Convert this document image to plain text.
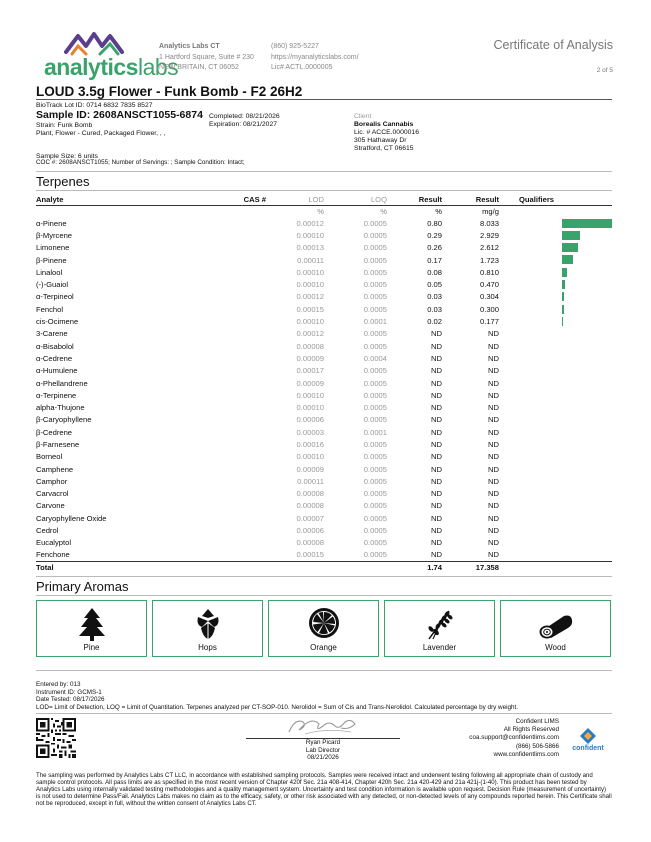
analyticslabs
Analytics Labs CT
1 Hartford Square, Suite # 230
NEW BRITAIN, CT 06052
(860) 925-5227
https://myanalyticslabs.com/
Lic# ACTL.0000005
Certificate of Analysis
2 of 5
LOUD 3.5g Flower - Funk Bomb - F2 26H2
BioTrack Lot ID: 0714 6832 7835 8527
Sample ID: 2608ANSCT1055-6874
Strain: Funk Bomb
Plant, Flower - Cured, Packaged Flower, , ,
Completed: 08/21/2026
Expiration: 08/21/2027
Client
Borealis Cannabis
Lic. # ACCE.0000016
305 Hathaway Dr
Stratford, CT 06615
Sample Size: 6 units
COC #: 2608ANSCT1055; Number of Servings: ; Sample Condition: Intact;
Terpenes
Analyte	CAS #	LOD	LOQ	Result	Result	Qualifiers
		%	%	%	mg/g	
α-Pinene		0.00012	0.0005	0.80	8.033	

β-Myrcene		0.00010	0.0005	0.29	2.929	

Limonene		0.00013	0.0005	0.26	2.612	

β-Pinene		0.00011	0.0005	0.17	1.723	

Linalool		0.00010	0.0005	0.08	0.810	

(-)-Guaiol		0.00010	0.0005	0.05	0.470	

α-Terpineol		0.00012	0.0005	0.03	0.304	

Fenchol		0.00015	0.0005	0.03	0.300	

cis-Ocimene		0.00010	0.0001	0.02	0.177	

3-Carene		0.00012	0.0005	ND	ND	
α-Bisabolol		0.00008	0.0005	ND	ND	
α-Cedrene		0.00009	0.0004	ND	ND	
α-Humulene		0.00017	0.0005	ND	ND	
α-Phellandrene		0.00009	0.0005	ND	ND	
α-Terpinene		0.00010	0.0005	ND	ND	
alpha-Thujone		0.00010	0.0005	ND	ND	
β-Caryophyllene		0.00006	0.0005	ND	ND	
β-Cedrene		0.00003	0.0001	ND	ND	
β-Farnesene		0.00016	0.0005	ND	ND	
Borneol		0.00010	0.0005	ND	ND	
Camphene		0.00009	0.0005	ND	ND	
Camphor		0.00011	0.0005	ND	ND	
Carvacrol		0.00008	0.0005	ND	ND	
Carvone		0.00008	0.0005	ND	ND	
Caryophyllene Oxide		0.00007	0.0005	ND	ND	
Cedrol		0.00006	0.0005	ND	ND	
Eucalyptol		0.00008	0.0005	ND	ND	
Fenchone		0.00015	0.0005	ND	ND	
Total				1.74	17.358	
Primary Aromas
Pine	Hops	Orange	Lavender	Wood
Entered by: 013
Instrument ID: GCMS-1
Date Tested: 08/17/2026
LOD= Limit of Detection, LOQ = Limit of Quantitation. Terpenes analyzed per CT-SOP-010. Nerolidol = Sum of Cis and Trans-Nerolidol. Calculated percentage by dry weight.
Ryan Picard
Lab Director
08/21/2026
Confident LIMS
All Rights Reserved
coa.support@confidentlims.com
(866) 506-5866
www.confidentlims.com
confident
The sampling was performed by Analytics Labs CT LLC, in accordance with established sampling protocols. Samples were received intact and underwent testing following all appropriate chain of custody and sample control protocols. All pass limits are as specified in the most recent version of Chapter 420f Sec. 21a 408-414, Chapter 420h Sec. 21a 420-429 and 21a 421j-(1-40). This product has been tested by Analytics Labs using internally validated testing methodologies and a quality management system. Uncertainty and test condition information is available upon request. Decision Rule (measurement of uncertainty) is not used to determine Pass/Fail. Analytics Labs makes no claim as to the efficacy, safety, or other risk associated with any detected, or non-detected levels of any compounds reported herein. This Certificate shall not be reproduced, except in full, without the written consent of Analytics Labs CT.
